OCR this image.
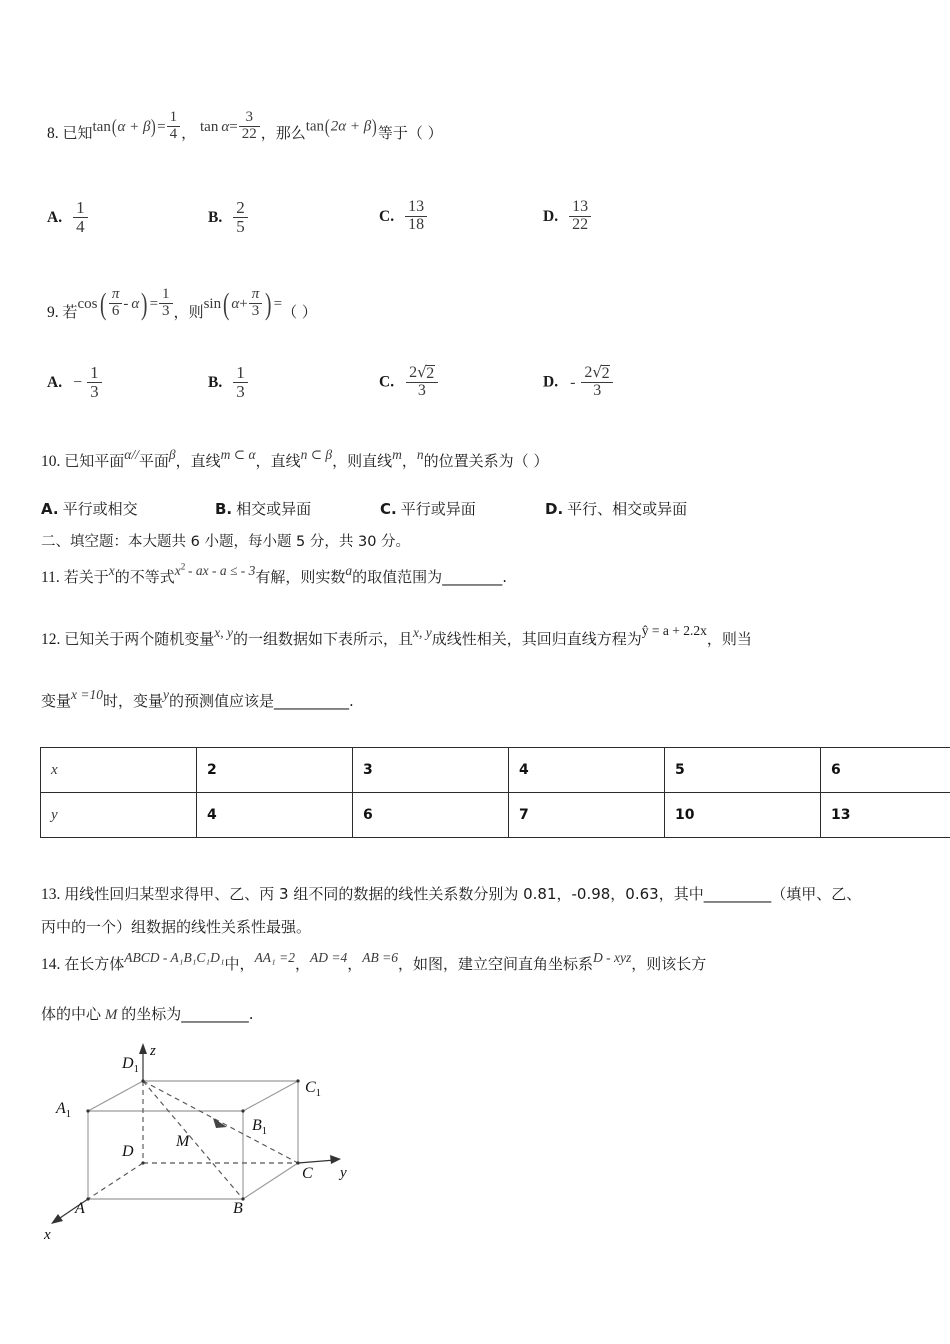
8. 已知$\tan(\alpha + \beta)= \frac{1}{4}$ ， $\tan \alpha= \frac{3}{22}$ ，那么tan(2α + β)等于（ ）
A. $\frac{1}{4}$	B. $\frac{2}{5}$	C. $\frac{13}{18}$	D. $\frac{13}{22}$
9. 若$\cos( \frac{\pi}{6} - \alpha) = \frac{1}{3}$ ，则sin( $\alpha+ \frac{\pi}{3}$ ) =（ ）
A. − $\frac{1}{3}$	B. $\frac{1}{3}$	C. $\frac{2√2}{3}$	D. - $\frac{2√2}{3}$
10. 已知平面α//平面β，直线m ⊂ α，直线n ⊂ β，则直线m，n的位置关系为（ ）
A. 平行或相交	B. 相交或异面	C. 平行或异面	D. 平行、相交或异面
二、填空题：本大题共 6 小题，每小题 5 分，共 30 分。
11. 若关于x的不等式$x^2$  - ax - a ≤ - 3有解，则实数a的取值范围为________.
12. 已知关于两个随机变量x, y的一组数据如下表所示，且x, y成线性相关，其回归直线方程为ŷ = a + 2.2x，则当
变量x =10时，变量y的预测值应该是__________.
x	2	3	4	5	6
y	4	6	7	10	13
13. 用线性回归某型求得甲、乙、丙 3 组不同的数据的线性关系数分别为 0.81，-0.98，0.63，其中_________（填甲、乙、
丙中的一个）组数据的线性关系性最强。
14. 在长方体ABCD - A₁B₁C₁D₁中，AA₁ =2，AD =4，AB =6，如图，建立空间直角坐标系D - xyz，则该长方
体的中心 M 的坐标为_________.
$D_1$
$C_1$
$A_1$
$B_1$
D
M
C
A	B
z
y
x
